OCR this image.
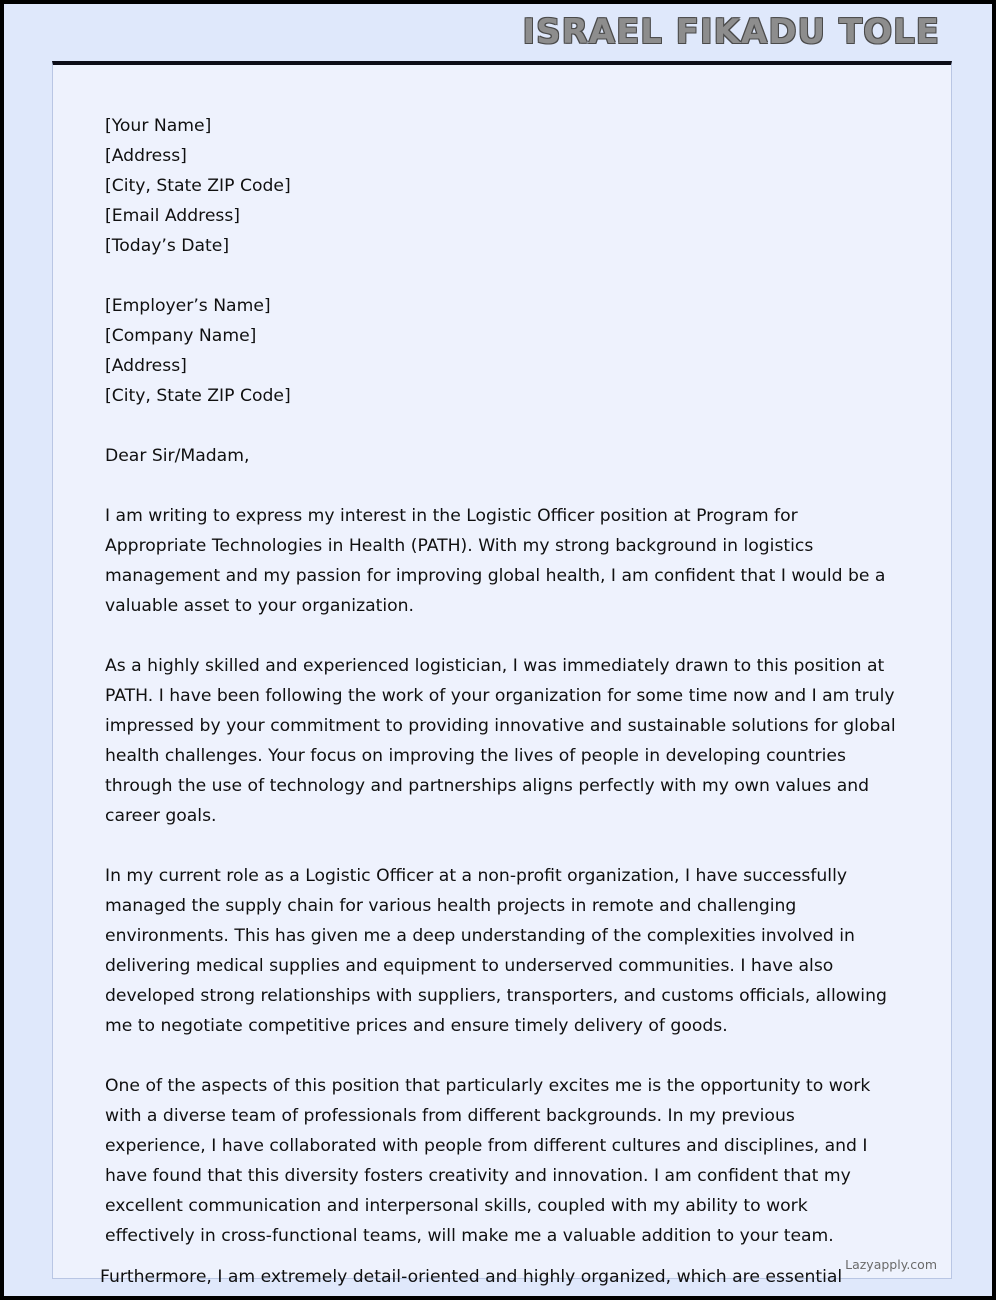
ISRAEL FIKADU TOLE
[Your Name]
[Address]
[City, State ZIP Code]
[Email Address]
[Today’s Date]
[Employer’s Name]
[Company Name]
[Address]
[City, State ZIP Code]
Dear Sir/Madam,

I am writing to express my interest in the Logistic Officer position at Program for Appropriate Technologies in Health (PATH). With my strong background in logistics management and my passion for improving global health, I am confident that I would be a valuable asset to your organization.

As a highly skilled and experienced logistician, I was immediately drawn to this position at PATH. I have been following the work of your organization for some time now and I am truly impressed by your commitment to providing innovative and sustainable solutions for global health challenges. Your focus on improving the lives of people in developing countries through the use of technology and partnerships aligns perfectly with my own values and career goals.

In my current role as a Logistic Officer at a non-profit organization, I have successfully managed the supply chain for various health projects in remote and challenging environments. This has given me a deep understanding of the complexities involved in delivering medical supplies and equipment to underserved communities. I have also developed strong relationships with suppliers, transporters, and customs officials, allowing me to negotiate competitive prices and ensure timely delivery of goods.

One of the aspects of this position that particularly excites me is the opportunity to work with a diverse team of professionals from different backgrounds. In my previous experience, I have collaborated with people from different cultures and disciplines, and I have found that this diversity fosters creativity and innovation. I am confident that my excellent communication and interpersonal skills, coupled with my ability to work effectively in cross-functional teams, will make me a valuable addition to your team.

Lazyapply.com
Furthermore, I am extremely detail-oriented and highly organized, which are essential
